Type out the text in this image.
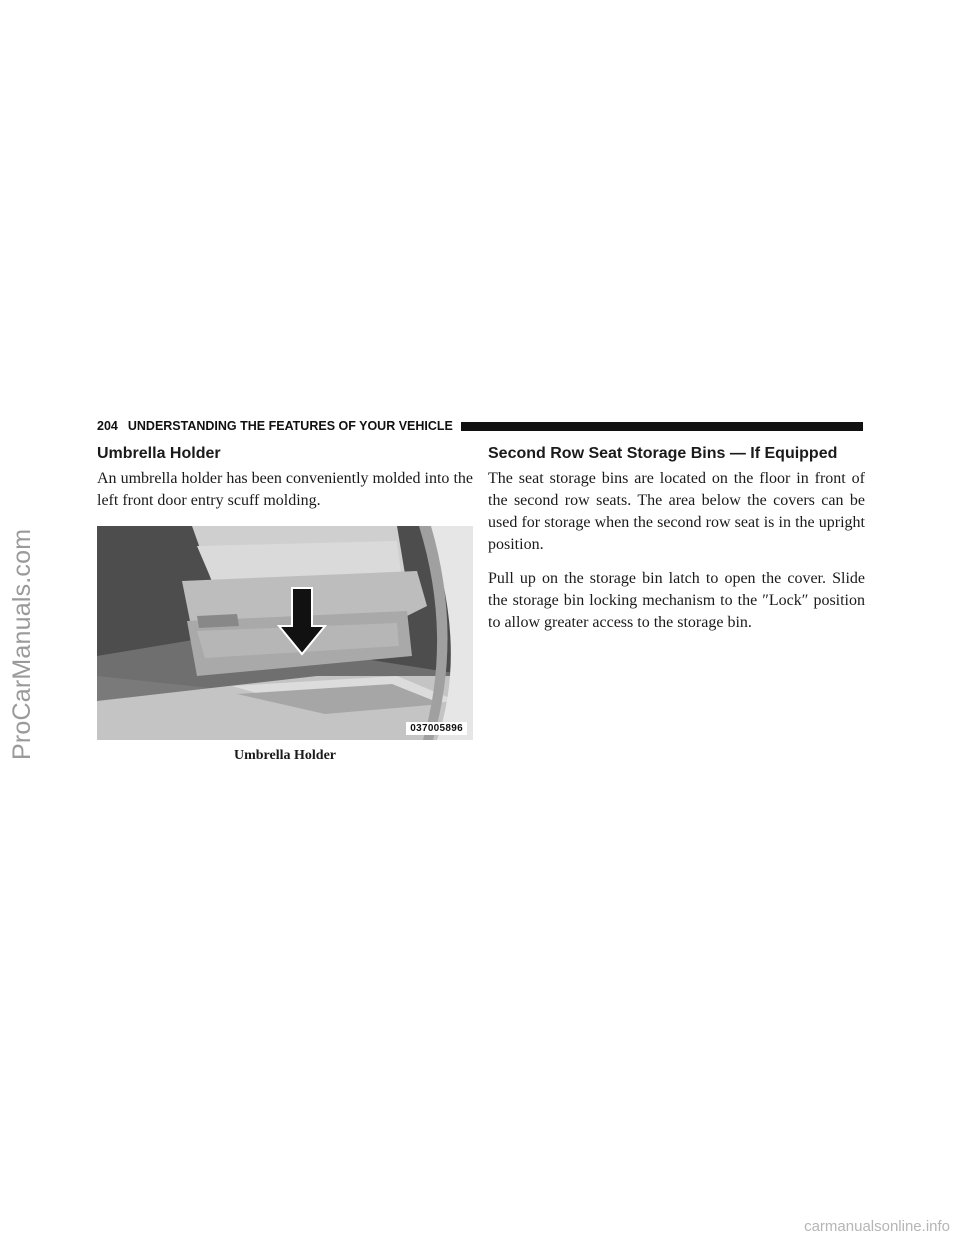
ProCarManuals.com
204 UNDERSTANDING THE FEATURES OF YOUR VEHICLE
Umbrella Holder

An umbrella holder has been conveniently molded into the left front door entry scuff molding.

037005896
Umbrella Holder
Second Row Seat Storage Bins — If Equipped

The seat storage bins are located on the floor in front of the second row seats. The area below the covers can be used for storage when the second row seat is in the upright position.

Pull up on the storage bin latch to open the cover. Slide the storage bin locking mechanism to the ″Lock″ position to allow greater access to the storage bin.

carmanualsonline.info
